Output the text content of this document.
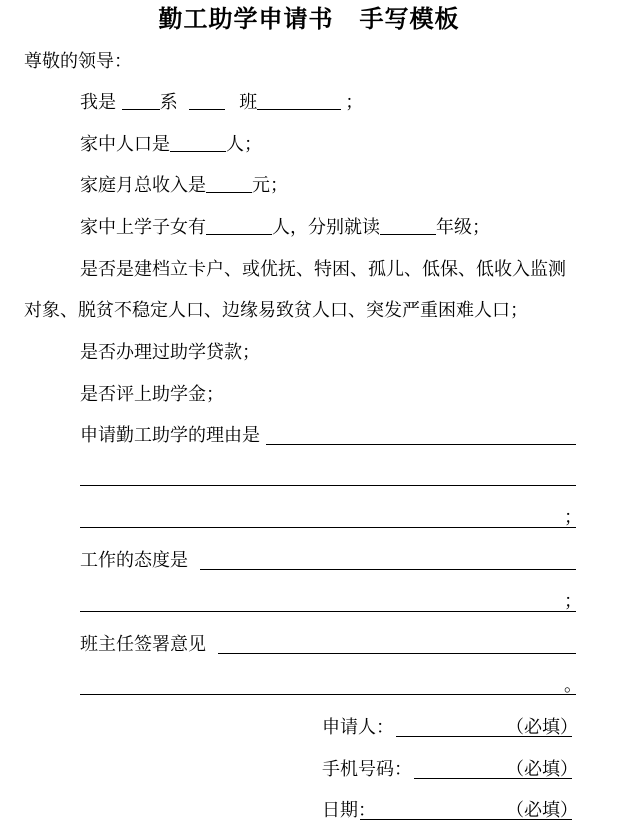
勤工助学申请书 手写模板
尊敬的领导：
我是 系	班	；
家中人口是	人；
家庭月总收入是	元；
家中上学子女有	人，分别就读	年级；
是否是建档立卡户、或优抚、特困、孤儿、低保、低收入监测
对象、脱贫不稳定人口、边缘易致贫人口、突发严重困难人口；
是否办理过助学贷款；
是否评上助学金；
申请勤工助学的理由是
；
工作的态度是
；
班主任签署意见
。
申请人：	（必填）
手机号码：	（必填）
日期：	（必填）
